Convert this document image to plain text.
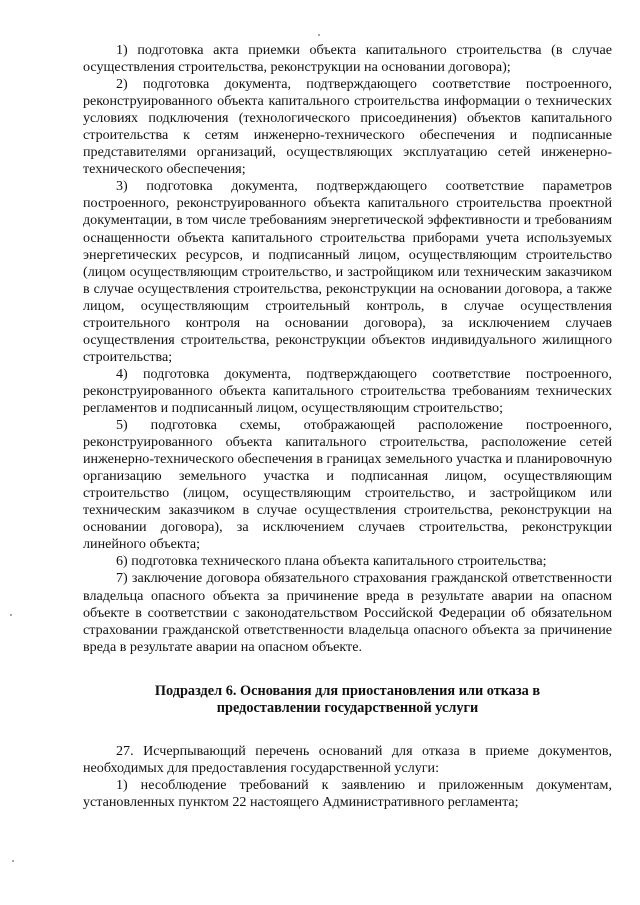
1) подготовка акта приемки объекта капитального строительства (в случае осуществления строительства, реконструкции на основании договора);

2) подготовка документа, подтверждающего соответствие построенного, реконструированного объекта капитального строительства информации о технических условиях подключения (технологического присоединения) объектов капитального строительства к сетям инженерно-технического обеспечения и подписанные представителями организаций, осуществляющих эксплуатацию сетей инженерно-технического обеспечения;

3) подготовка документа, подтверждающего соответствие параметров построенного, реконструированного объекта капитального строительства проектной документации, в том числе требованиям энергетической эффективности и требованиям оснащенности объекта капитального строительства приборами учета используемых энергетических ресурсов, и подписанный лицом, осуществляющим строительство (лицом осуществляющим строительство, и застройщиком или техническим заказчиком в случае осуществления строительства, реконструкции на основании договора, а также лицом, осуществляющим строительный контроль, в случае осуществления строительного контроля на основании договора), за исключением случаев осуществления строительства, реконструкции объектов индивидуального жилищного строительства;

4) подготовка документа, подтверждающего соответствие построенного, реконструированного объекта капитального строительства требованиям технических регламентов и подписанный лицом, осуществляющим строительство;

5) подготовка схемы, отображающей расположение построенного, реконструированного объекта капитального строительства, расположение сетей инженерно-технического обеспечения в границах земельного участка и планировочную организацию земельного участка и подписанная лицом, осуществляющим строительство (лицом, осуществляющим строительство, и застройщиком или техническим заказчиком в случае осуществления строительства, реконструкции на основании договора), за исключением случаев строительства, реконструкции линейного объекта;

6) подготовка технического плана объекта капитального строительства;

7) заключение договора обязательного страхования гражданской ответственности владельца опасного объекта за причинение вреда в результате аварии на опасном объекте в соответствии с законодательством Российской Федерации об обязательном страховании гражданской ответственности владельца опасного объекта за причинение вреда в результате аварии на опасном объекте.

Подраздел 6. Основания для приостановления или отказа в предоставлении государственной услуги

27. Исчерпывающий перечень оснований для отказа в приеме документов, необходимых для предоставления государственной услуги:

1) несоблюдение требований к заявлению и приложенным документам, установленных пунктом 22 настоящего Административного регламента;
